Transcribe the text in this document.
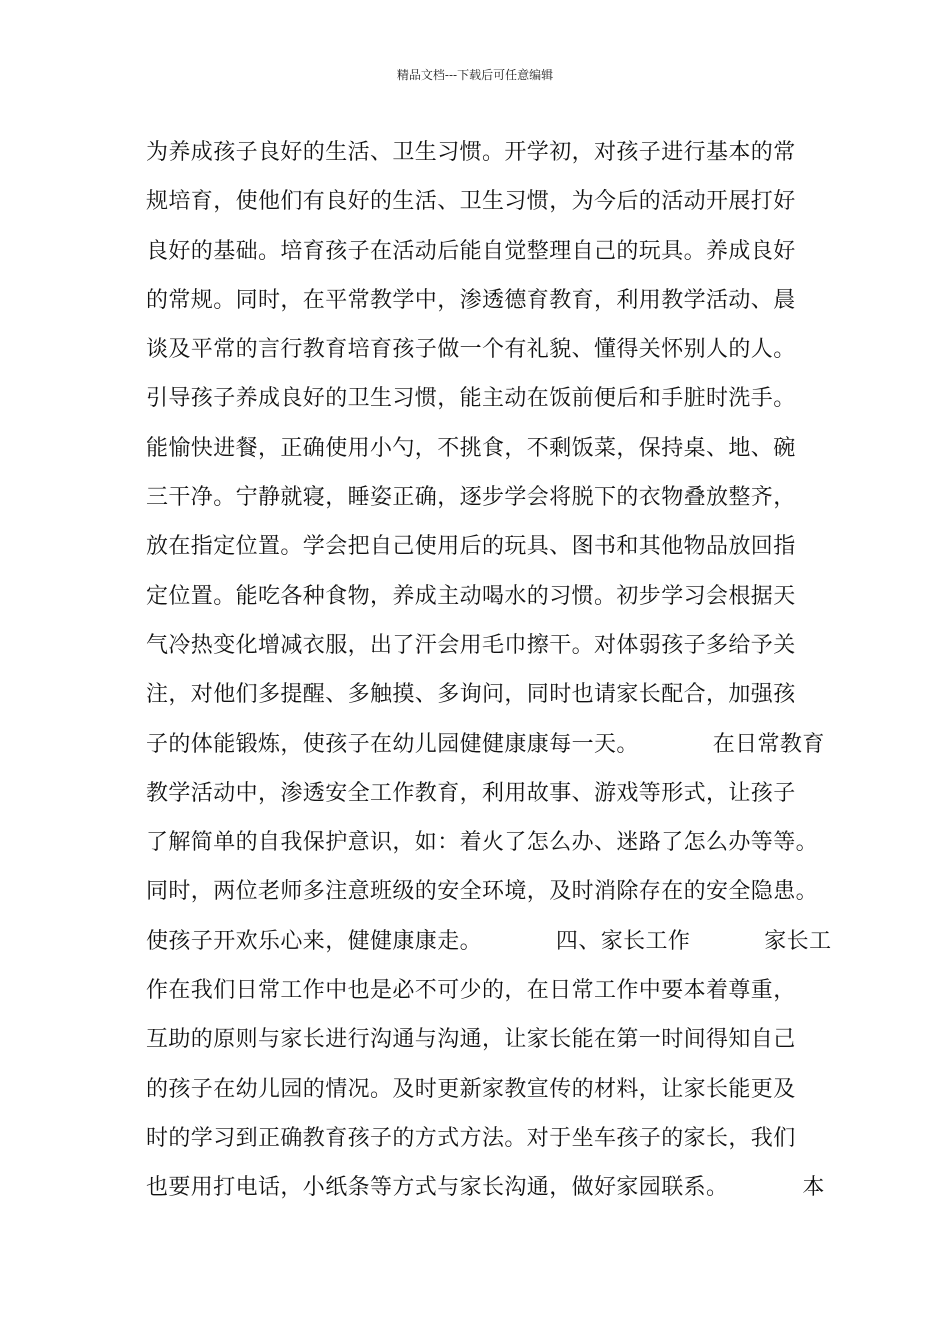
精品文档---下载后可任意编辑
为养成孩子良好的生活、卫生习惯。开学初，对孩子进行基本的常
规培育，使他们有良好的生活、卫生习惯，为今后的活动开展打好
良好的基础。培育孩子在活动后能自觉整理自己的玩具。养成良好
的常规。同时，在平常教学中，渗透德育教育，利用教学活动、晨
谈及平常的言行教育培育孩子做一个有礼貌、懂得关怀别人的人。
引导孩子养成良好的卫生习惯，能主动在饭前便后和手脏时洗手。
能愉快进餐，正确使用小勺，不挑食，不剩饭菜，保持桌、地、碗
三干净。宁静就寝，睡姿正确，逐步学会将脱下的衣物叠放整齐，
放在指定位置。学会把自己使用后的玩具、图书和其他物品放回指
定位置。能吃各种食物，养成主动喝水的习惯。初步学习会根据天
气冷热变化增减衣服，出了汗会用毛巾擦干。对体弱孩子多给予关
注，对他们多提醒、多触摸、多询问，同时也请家长配合，加强孩
子的体能锻炼，使孩子在幼儿园健健康康每一天。          在日常教育
教学活动中，渗透安全工作教育，利用故事、游戏等形式，让孩子
了解简单的自我保护意识，如：着火了怎么办、迷路了怎么办等等。
同时，两位老师多注意班级的安全环境，及时消除存在的安全隐患。
使孩子开欢乐心来，健健康康走。          四、家长工作          家长工
作在我们日常工作中也是必不可少的，在日常工作中要本着尊重，
互助的原则与家长进行沟通与沟通，让家长能在第一时间得知自己
的孩子在幼儿园的情况。及时更新家教宣传的材料，让家长能更及
时的学习到正确教育孩子的方式方法。对于坐车孩子的家长，我们
也要用打电话，小纸条等方式与家长沟通，做好家园联系。          本
